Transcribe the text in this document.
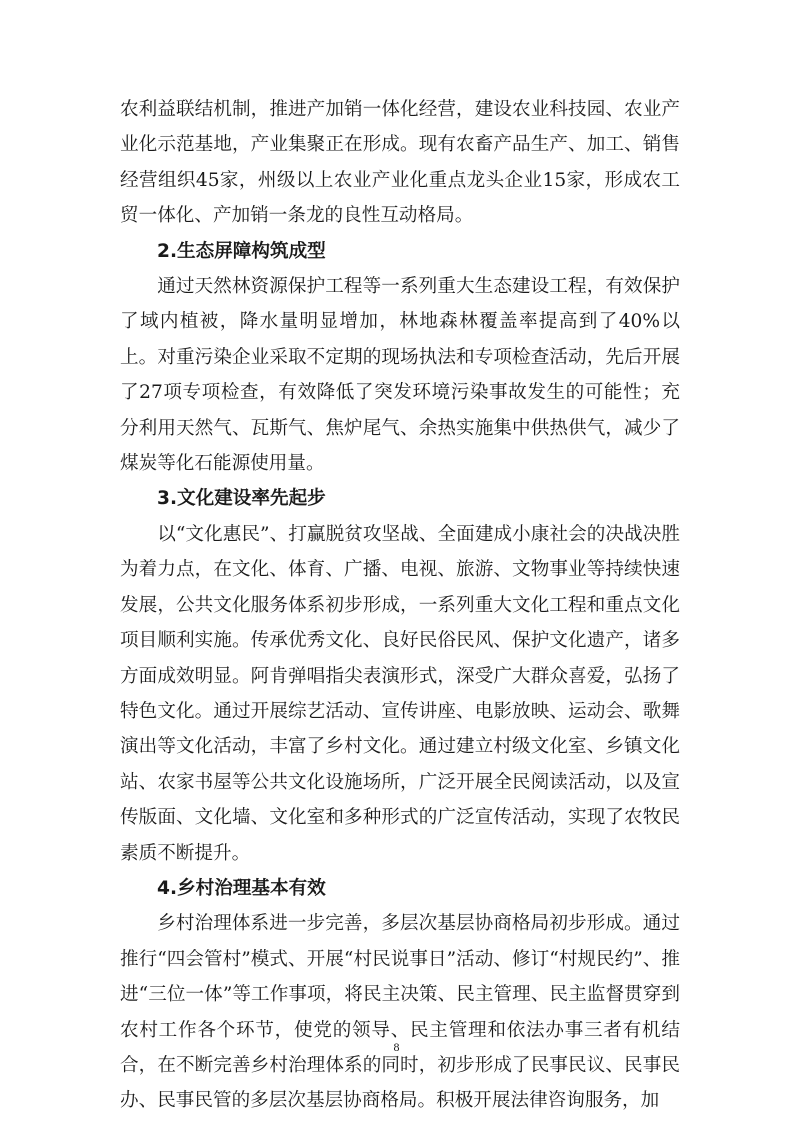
农利益联结机制，推进产加销一体化经营，建设农业科技园、农业产业化示范基地，产业集聚正在形成。现有农畜产品生产、加工、销售经营组织45家，州级以上农业产业化重点龙头企业15家，形成农工贸一体化、产加销一条龙的良性互动格局。

2.生态屏障构筑成型

通过天然林资源保护工程等一系列重大生态建设工程，有效保护了域内植被，降水量明显增加，林地森林覆盖率提高到了40%以上。对重污染企业采取不定期的现场执法和专项检查活动，先后开展了27项专项检查，有效降低了突发环境污染事故发生的可能性；充分利用天然气、瓦斯气、焦炉尾气、余热实施集中供热供气，减少了煤炭等化石能源使用量。

3.文化建设率先起步

以“文化惠民”、打赢脱贫攻坚战、全面建成小康社会的决战决胜为着力点，在文化、体育、广播、电视、旅游、文物事业等持续快速发展，公共文化服务体系初步形成，一系列重大文化工程和重点文化项目顺利实施。传承优秀文化、良好民俗民风、保护文化遗产，诸多方面成效明显。阿肯弹唱指尖表演形式，深受广大群众喜爱，弘扬了特色文化。通过开展综艺活动、宣传讲座、电影放映、运动会、歌舞演出等文化活动，丰富了乡村文化。通过建立村级文化室、乡镇文化站、农家书屋等公共文化设施场所，广泛开展全民阅读活动，以及宣传版面、文化墙、文化室和多种形式的广泛宣传活动，实现了农牧民素质不断提升。

4.乡村治理基本有效

乡村治理体系进一步完善，多层次基层协商格局初步形成。通过推行“四会管村”模式、开展“村民说事日”活动、修订“村规民约”、推进“三位一体”等工作事项，将民主决策、民主管理、民主监督贯穿到农村工作各个环节，使党的领导、民主管理和依法办事三者有机结合，在不断完善乡村治理体系的同时，初步形成了民事民议、民事民办、民事民管的多层次基层协商格局。积极开展法律咨询服务，加

8
